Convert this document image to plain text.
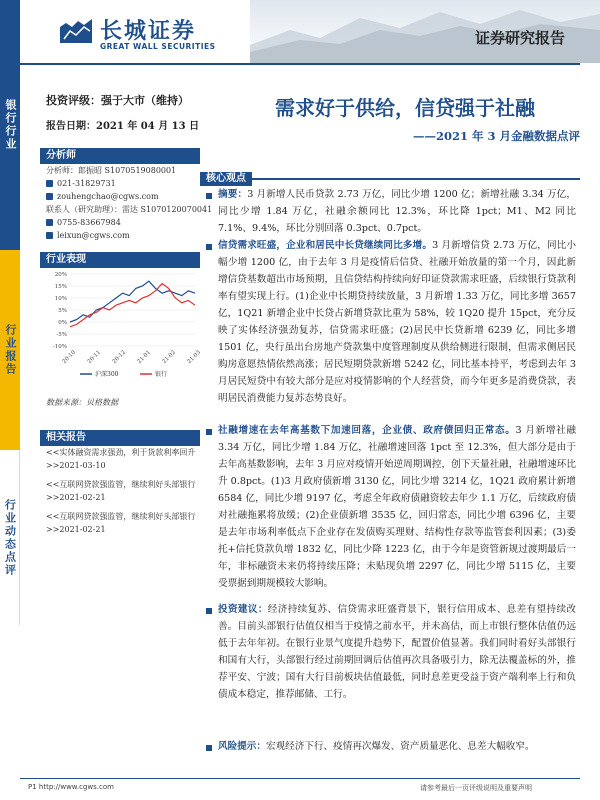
长城证券
GREAT WALL SECURITIES	证券研究报告
银行行业
行业报告
行业动态点评
投资评级：强于大市（维持）
报告日期：2021 年 04 月 13 日
分析师
分析师：郎振昭 S1070519080001
021-31829731
zouhengchao@cgws.com
联系人（研究助理）：雷达 S1070120070041
0755-83667984
leixun@cgws.com
行业表现
20%
15%
10%
5%
0%
-5%
-10%
20-10 20-11 20-12 21-01 21-02 21-03
沪深300	银行
数据来源：贝格数据
相关报告
<<实体融资需求强劲，利于货款利率回升>>2021-03-10
<<互联网贷款强监管，继续利好头部银行>>2021-02-21
<<互联网贷款强监管，继续利好头部银行>>2021-02-21
需求好于供给，信贷强于社融
——2021 年 3 月金融数据点评
核心观点
摘要：3 月新增人民币贷款 2.73 万亿，同比少增 1200 亿；新增社融 3.34 万亿，同比少增 1.84 万亿，社融余额同比 12.3%，环比降 1pct；M1、M2 同比 7.1%、9.4%，环比分别回落 0.3pct、0.7pct。
信贷需求旺盛，企业和居民中长贷继续同比多增。3 月新增信贷 2.73 万亿，同比小幅少增 1200 亿，由于去年 3 月是疫情后信贷、社融开始放量的第一个月，因此新增信贷基数超出市场预期，且信贷结构持续向好印证贷款需求旺盛，后续银行贷款利率有望实现上行。(1)企业中长期贷持续放量，3 月新增 1.33 万亿，同比多增 3657 亿，1Q21 新增企业中长贷占新增贷款比重为 58%，较 1Q20 提升 15pct，充分反映了实体经济强劲复苏，信贷需求旺盛；(2)居民中长贷新增 6239 亿，同比多增 1501 亿，央行虽出台房地产贷款集中度管理制度从供给侧进行限制，但需求侧居民购房意愿热情依然高涨；居民短期贷款新增 5242 亿，同比基本持平，考虑到去年 3 月居民短贷中有较大部分是应对疫情影响的个人经营贷，而今年更多是消费贷款，表明居民消费能力复苏态势良好。
社融增速在去年高基数下加速回落，企业债、政府债回归正常态。3 月新增社融 3.34 万亿，同比少增 1.84 万亿，社融增速回落 1pct 至 12.3%，但大部分是由于去年高基数影响，去年 3 月应对疫情开始逆周期调控，创下天量社融，社融增速环比升 0.8pct。(1)3 月政府债新增 3130 亿，同比少增 3214 亿，1Q21 政府累计新增 6584 亿，同比少增 9197 亿，考虑全年政府债融资较去年少 1.1 万亿，后续政府债对社融拖累将放缓；(2)企业债新增 3535 亿，回归常态，同比少增 6396 亿，主要是去年市场利率低点下企业存在发债购买理财、结构性存款等监管套利因素；(3)委托+信托贷款负增 1832 亿，同比少降 1223 亿，由于今年是资管新规过渡期最后一年，非标融资未来仍将持续压降；未贴现负增 2297 亿，同比少增 5115 亿，主要受票据到期规模较大影响。
投资建议：经济持续复苏、信贷需求旺盛背景下，银行信用成本、息差有望持续改善。目前头部银行估值仅相当于疫情之前水平，并未高估，而上市银行整体估值仍远低于去年年初。在银行业景气度提升趋势下，配置价值显著。我们同时看好头部银行和国有大行，头部银行经过前期回调后估值再次具备吸引力，除无法覆盖标的外，推荐平安、宁波；国有大行目前板块估值最低，同时息差更受益于资产端利率上行和负债成本稳定，推荐邮储、工行。
风险提示：宏观经济下行、疫情再次爆发、资产质量恶化、息差大幅收窄。
P1 http://www.cgws.com	请参考最后一页评级说明及重要声明
